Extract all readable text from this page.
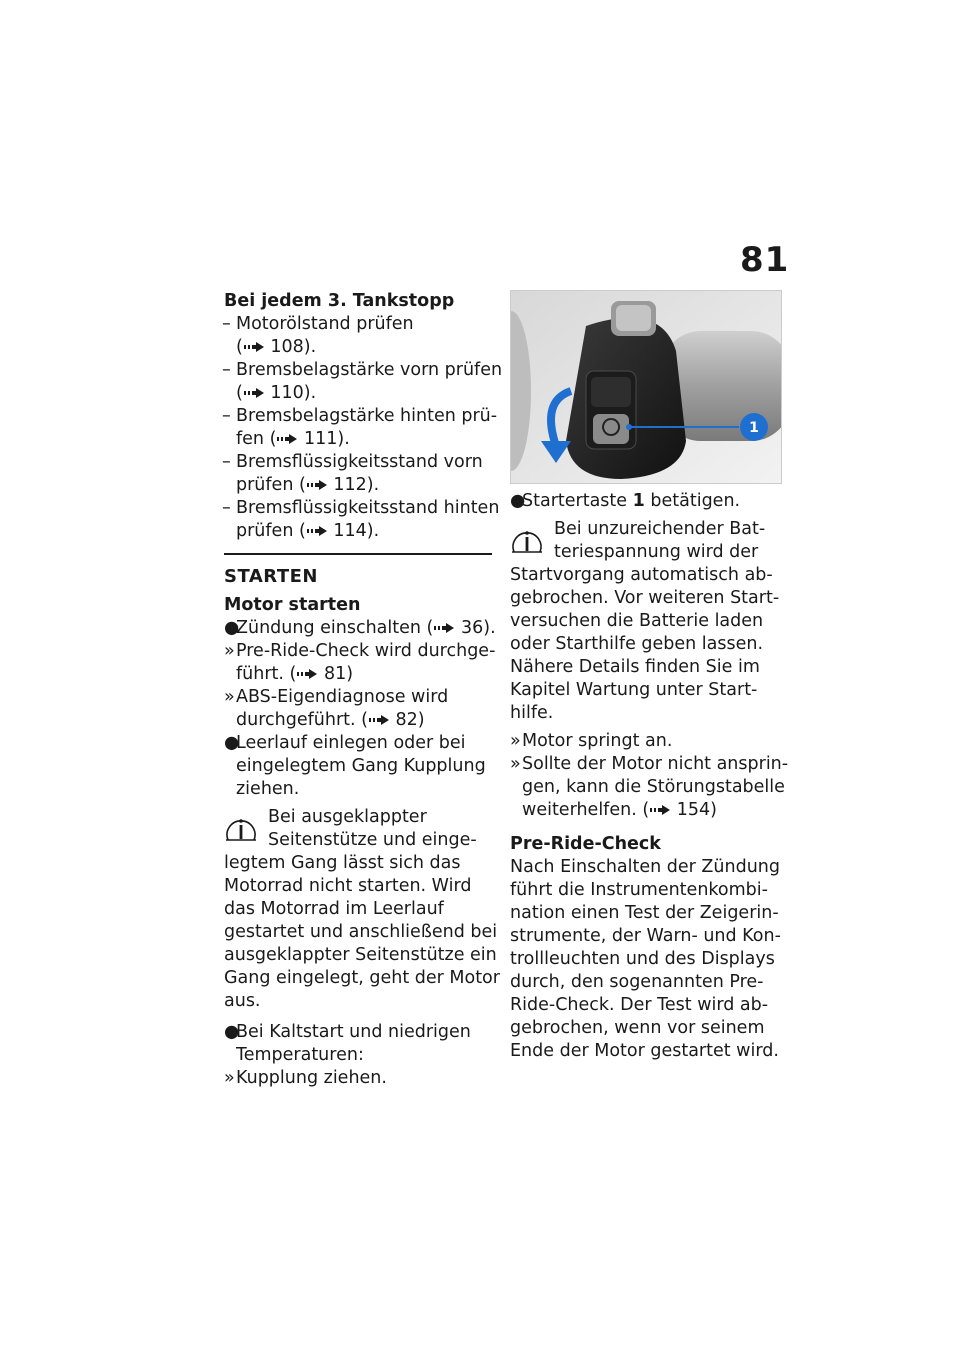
81
Bei jedem 3. Tankstopp
– Motorölstand prüfen
( 108).
– Bremsbelagstärke vorn prüfen
( 110).
– Bremsbelagstärke hinten prü-
fen ( 111).
– Bremsflüssigkeitsstand vorn
prüfen ( 112).
– Bremsflüssigkeitsstand hinten
prüfen ( 114).
STARTEN
Motor starten
●
Zündung einschalten ( 36).
» Pre-Ride-Check wird durchge-
führt. ( 81)
» ABS-Eigendiagnose wird
durchgeführt. ( 82)
●
Leerlauf einlegen oder bei
eingelegtem Gang Kupplung
ziehen.
Bei ausgeklappter
Seitenstütze und einge-
legtem Gang lässt sich das
Motorrad nicht starten. Wird
das Motorrad im Leerlauf
gestartet und anschließend bei
ausgeklappter Seitenstütze ein
Gang eingelegt, geht der Motor
aus.
●
Bei Kaltstart und niedrigen
Temperaturen:
» Kupplung ziehen.
1
●
Startertaste 1 betätigen.
Bei unzureichender Bat-
teriespannung wird der
Startvorgang automatisch ab-
gebrochen. Vor weiteren Start-
versuchen die Batterie laden
oder Starthilfe geben lassen.
Nähere Details finden Sie im
Kapitel Wartung unter Start-
hilfe.
» Motor springt an.
» Sollte der Motor nicht ansprin-
gen, kann die Störungstabelle
weiterhelfen. ( 154)
Pre-Ride-Check
Nach Einschalten der Zündung
führt die Instrumentenkombi-
nation einen Test der Zeigerin-
strumente, der Warn- und Kon-
trollleuchten und des Displays
durch, den sogenannten Pre-
Ride-Check. Der Test wird ab-
gebrochen, wenn vor seinem
Ende der Motor gestartet wird.
